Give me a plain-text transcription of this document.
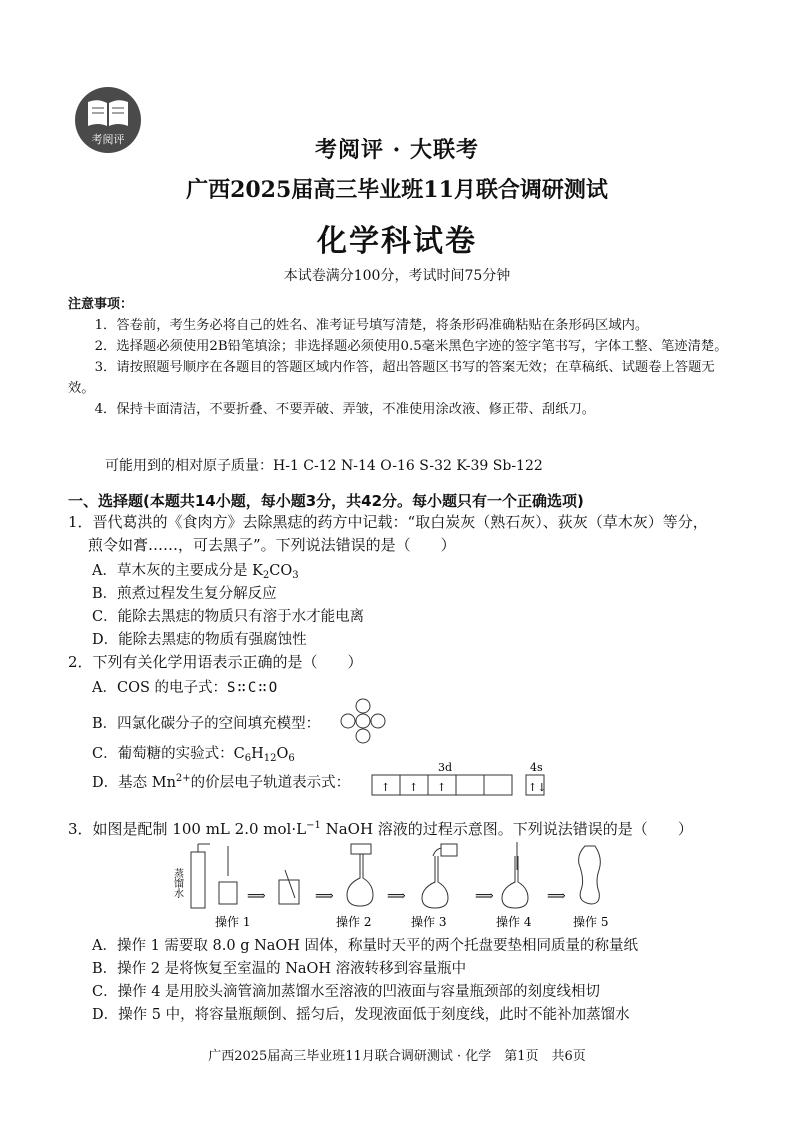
考阅评	考阅评 · 大联考
广西2025届高三毕业班11月联合调研测试
化学科试卷
本试卷满分100分，考试时间75分钟
注意事项：

1．答卷前，考生务必将自己的姓名、准考证号填写清楚，将条形码准确粘贴在条形码区域内。

2．选择题必须使用2B铅笔填涂；非选择题必须使用0.5毫米黑色字迹的签字笔书写，字体工整、笔迹清楚。

3．请按照题号顺序在各题目的答题区域内作答，超出答题区书写的答案无效；在草稿纸、试题卷上答题无效。

4．保持卡面清洁，不要折叠、不要弄破、弄皱，不准使用涂改液、修正带、刮纸刀。

可能用到的相对原子质量：H-1 C-12 N-14 O-16 S-32 K-39 Sb-122
一、选择题(本题共14小题，每小题3分，共42分。每小题只有一个正确选项)
1．晋代葛洪的《食肉方》去除黑痣的药方中记载：“取白炭灰（熟石灰）、荻灰（草木灰）等分，煎令如膏……，可去黑子”。下列说法错误的是（　　）
A．草木灰的主要成分是 $K_2CO_3$
B．煎煮过程发生复分解反应
C．能除去黑痣的物质只有溶于水才能电离
D．能除去黑痣的物质有强腐蚀性
2．下列有关化学用语表示正确的是（　　）
A．COS 的电子式：S∷C∷O
B．四氯化碳分子的空间填充模型：
C．葡萄糖的实验式：$C_6H_{12}O_6$
D．基态 $Mn^{2+}$的价层电子轨道表示式：
3d
↑ ↑ ↑
4s
↑↓
3．如图是配制 100 mL 2.0 $mol\cdot L^{-1}$ NaOH 溶液的过程示意图。下列说法错误的是（　　）
蒸馏水	⟹	⟹	⟹	⟹	⟹
操作 1	操作 2	操作 3	操作 4	操作 5
A．操作 1 需要取 8.0 g NaOH 固体，称量时天平的两个托盘要垫相同质量的称量纸
B．操作 2 是将恢复至室温的 NaOH 溶液转移到容量瓶中
C．操作 4 是用胶头滴管滴加蒸馏水至溶液的凹液面与容量瓶颈部的刻度线相切
D．操作 5 中，将容量瓶颠倒、摇匀后，发现液面低于刻度线，此时不能补加蒸馏水
广西2025届高三毕业班11月联合调研测试 · 化学　第1页　共6页
